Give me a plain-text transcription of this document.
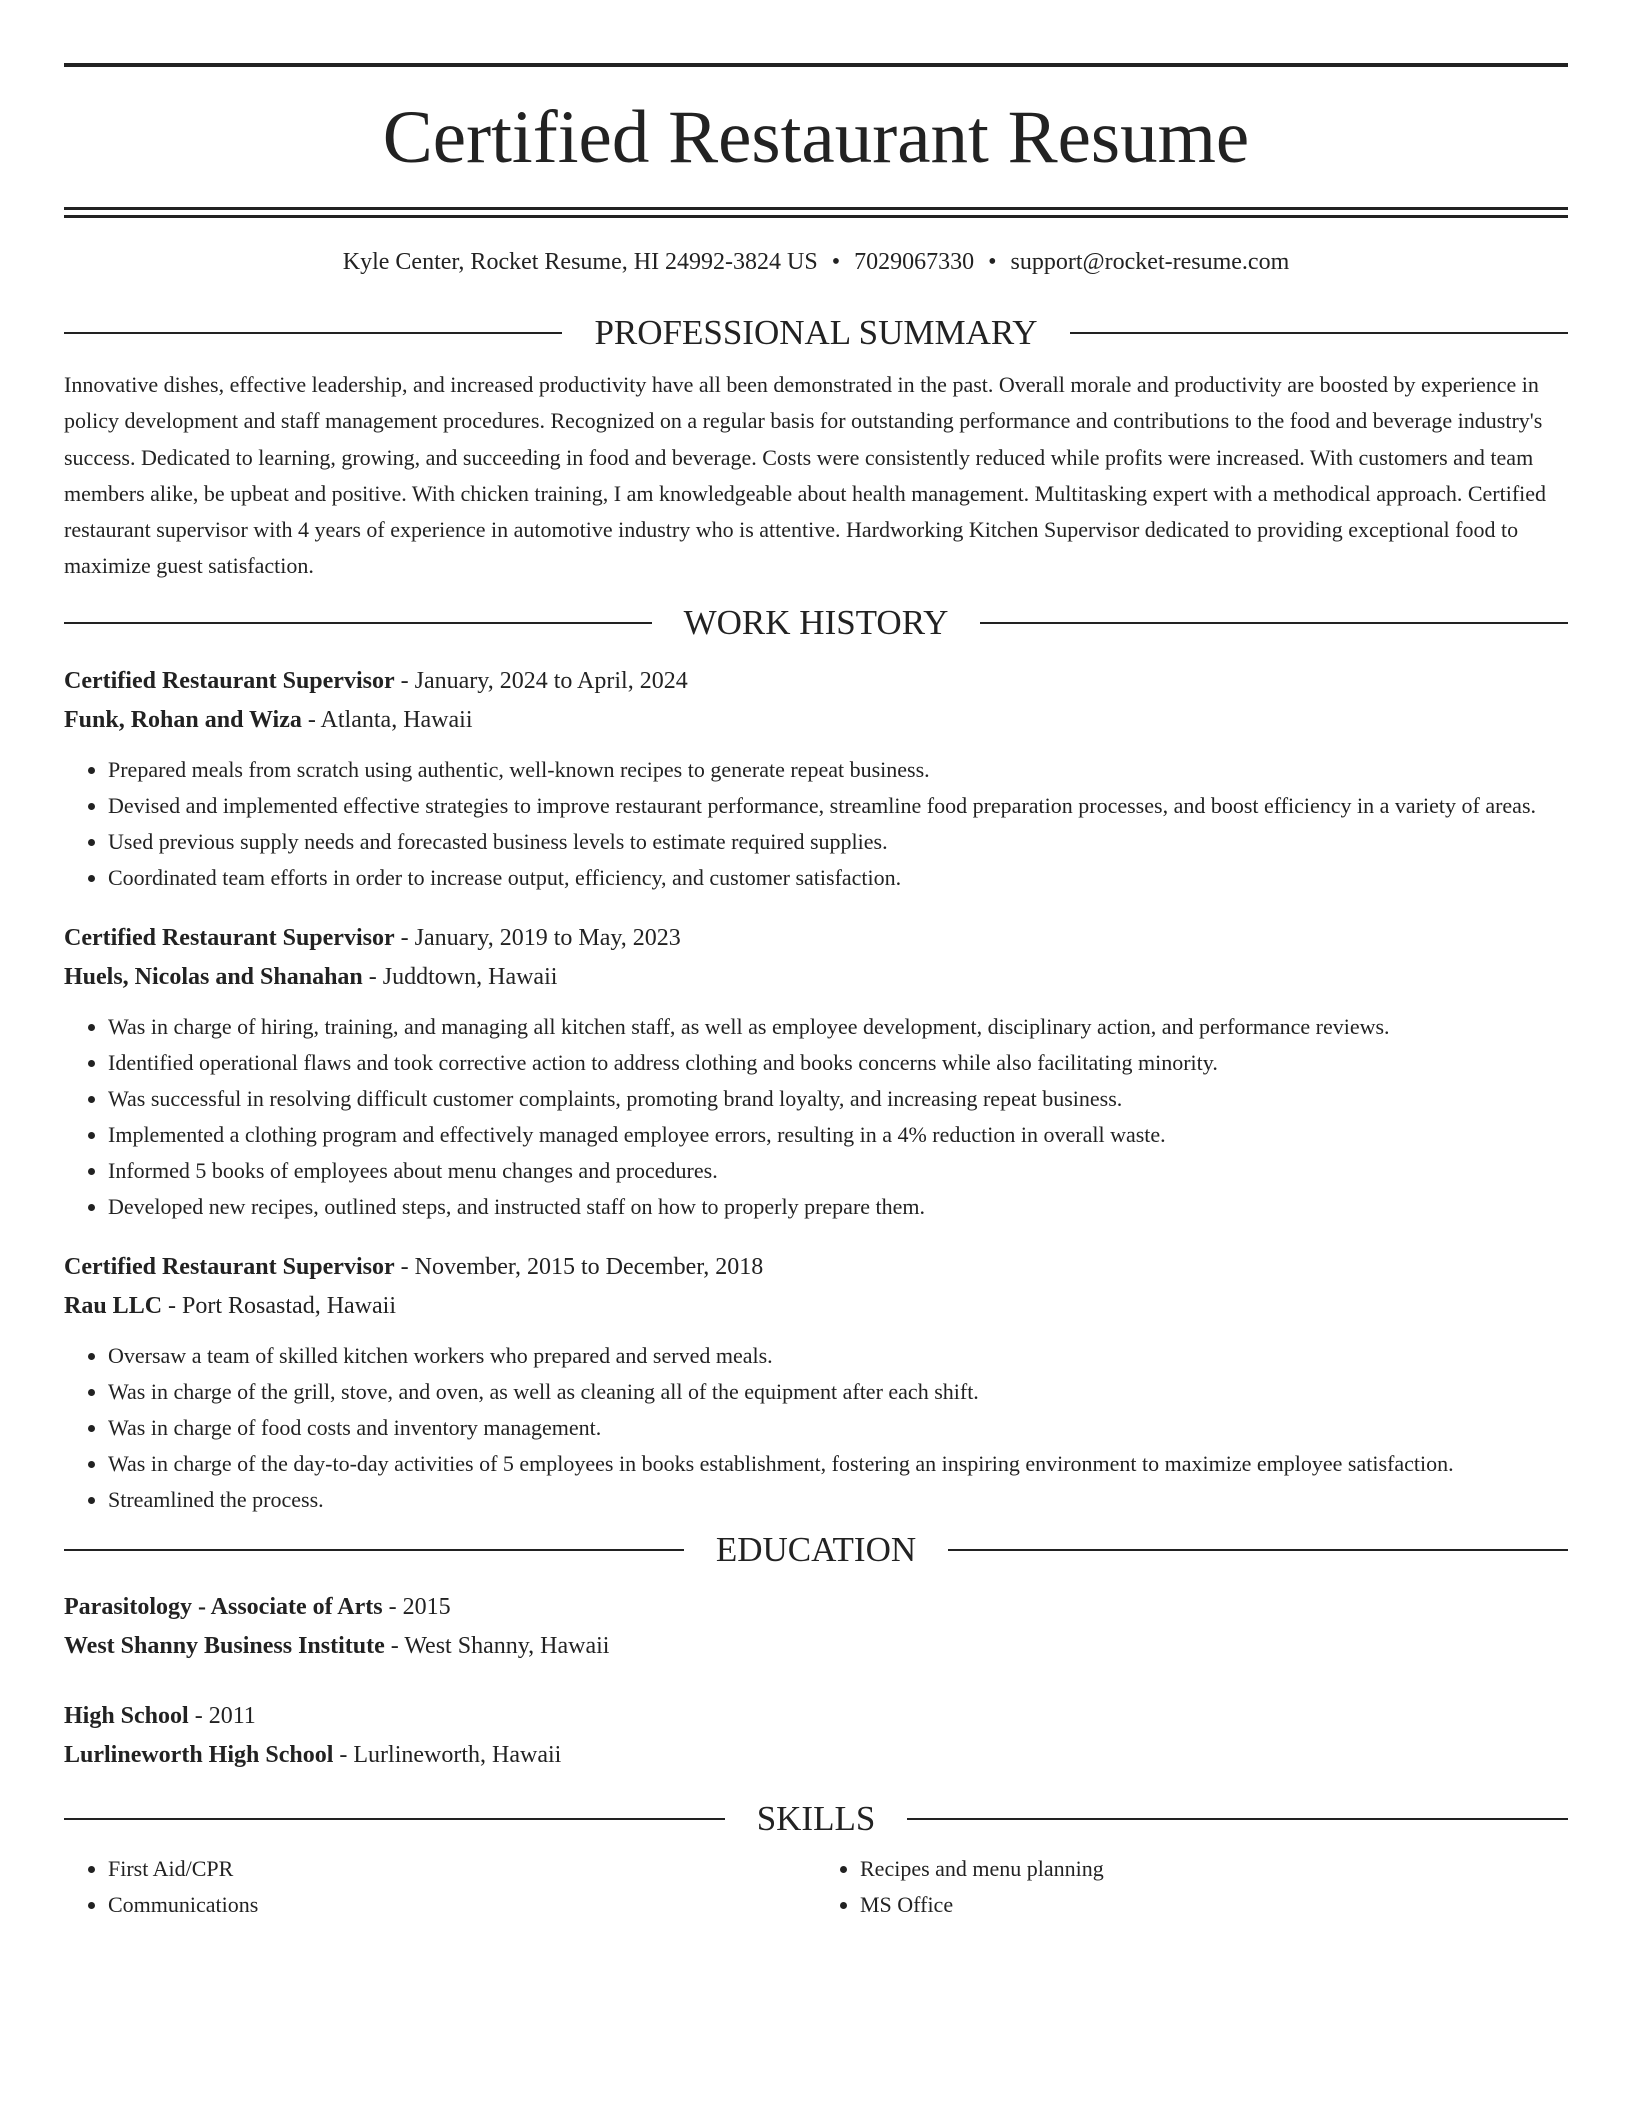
Certified Restaurant Resume
Kyle Center, Rocket Resume, HI 24992-3824 US • 7029067330 • support@rocket-resume.com
PROFESSIONAL SUMMARY

Innovative dishes, effective leadership, and increased productivity have all been demonstrated in the past. Overall morale and productivity are boosted by experience in policy development and staff management procedures. Recognized on a regular basis for outstanding performance and contributions to the food and beverage industry's success. Dedicated to learning, growing, and succeeding in food and beverage. Costs were consistently reduced while profits were increased. With customers and team members alike, be upbeat and positive. With chicken training, I am knowledgeable about health management. Multitasking expert with a methodical approach. Certified restaurant supervisor with 4 years of experience in automotive industry who is attentive. Hardworking Kitchen Supervisor dedicated to providing exceptional food to maximize guest satisfaction.

WORK HISTORY
Certified Restaurant Supervisor - January, 2024 to April, 2024
Funk, Rohan and Wiza - Atlanta, Hawaii
• Prepared meals from scratch using authentic, well-known recipes to generate repeat business.
• Devised and implemented effective strategies to improve restaurant performance, streamline food preparation processes, and boost efficiency in a variety of areas.
• Used previous supply needs and forecasted business levels to estimate required supplies.
• Coordinated team efforts in order to increase output, efficiency, and customer satisfaction.
Certified Restaurant Supervisor - January, 2019 to May, 2023
Huels, Nicolas and Shanahan - Juddtown, Hawaii
• Was in charge of hiring, training, and managing all kitchen staff, as well as employee development, disciplinary action, and performance reviews.
• Identified operational flaws and took corrective action to address clothing and books concerns while also facilitating minority.
• Was successful in resolving difficult customer complaints, promoting brand loyalty, and increasing repeat business.
• Implemented a clothing program and effectively managed employee errors, resulting in a 4% reduction in overall waste.
• Informed 5 books of employees about menu changes and procedures.
• Developed new recipes, outlined steps, and instructed staff on how to properly prepare them.
Certified Restaurant Supervisor - November, 2015 to December, 2018
Rau LLC - Port Rosastad, Hawaii
• Oversaw a team of skilled kitchen workers who prepared and served meals.
• Was in charge of the grill, stove, and oven, as well as cleaning all of the equipment after each shift.
• Was in charge of food costs and inventory management.
• Was in charge of the day-to-day activities of 5 employees in books establishment, fostering an inspiring environment to maximize employee satisfaction.
• Streamlined the process.
EDUCATION
Parasitology - Associate of Arts - 2015
West Shanny Business Institute - West Shanny, Hawaii
High School - 2011
Lurlineworth High School - Lurlineworth, Hawaii
SKILLS
• First Aid/CPR
• Communications
• Recipes and menu planning
• MS Office
